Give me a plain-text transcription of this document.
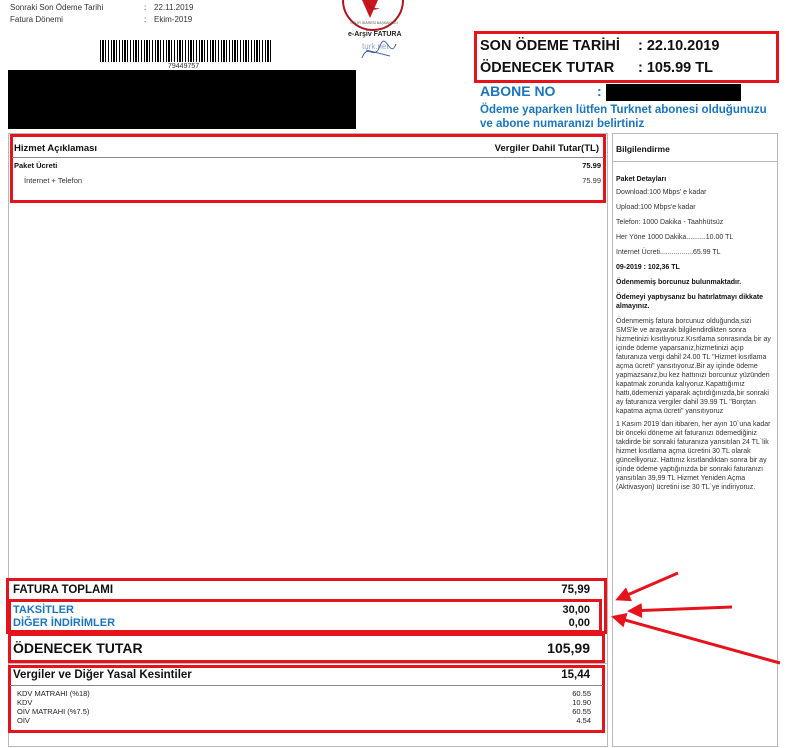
Sonraki Son Ödeme Tarihi	: 22.11.2019
Fatura Dönemi	: Ekim-2019
79449757
GELİR İDARESİ BAŞKANLIĞI
e-Arşiv FATURA
turk.net	SON ÖDEME TARİHİ : 22.10.2019
ÖDENECEK TUTAR : 105.99 TL
ABONE NO	:
Ödeme yaparken lütfen Turknet abonesi olduğunuzu ve abone numaranızı belirtiniz
Hizmet Açıklaması	Vergiler Dahil Tutar(TL)
Paket Ücreti	75.99
İnternet + Telefon	75.99
Bilgilendirme

Paket Detayları

Download:100 Mbps' e kadar

Upload:100 Mbps'e kadar

Telefon: 1000 Dakika - Taahhütsüz

Her Yöne 1000 Dakika..........10.00 TL

Internet Ücreti.................65.99 TL

09-2019 : 102,36 TL

Ödenmemiş borcunuz bulunmaktadır.

Ödemeyi yaptıysanız bu hatırlatmayı dikkate almayınız.

Ödenmemiş fatura borcunuz olduğunda,sizi SMS'le ve arayarak bilgilendirdikten sonra hizmetinizi kısıtlıyoruz.Kısıtlama sonrasında bir ay içinde ödeme yaparsanız,hizmetinizi açıp faturanıza vergi dahil 24.00 TL "Hizmet kısıtlama açma ücreti" yansıtıyoruz.Bir ay içinde ödeme yapmazsanız,bu kez hattınızı borcunuz yüzünden kapatmak zorunda kalıyoruz.Kapattığımız hattı,ödemenizi yaparak açtırdığınızda,bir sonraki ay faturanıza vergiler dahil 39.99 TL "Borçtan kapatma açma ücreti" yansıtıyoruz

1 Kasım 2019`dan itibaren, her ayın 10`una kadar bir önceki döneme ait faturanızı ödemediğiniz takdirde bir sonraki faturanıza yansıtılan 24 TL`lik hizmet kısıtlama açma ücretini 30 TL olarak güncelliyoruz. Hattınız kısıtlandıktan sonra bir ay içinde ödeme yaptığınızda bir sonraki faturanızı yansıtılan 39,99 TL Hizmet Yeniden Açma (Aktivasyon) ücretini ise 30 TL`ye indiriyoruz.

FATURA TOPLAMI	75,99
TAKSİTLER	30,00
DİĞER İNDİRİMLER	0,00
ÖDENECEK TUTAR	105,99
Vergiler ve Diğer Yasal Kesintiler	15,44
KDV MATRAHI (%18)	60.55
KDV	10.90
OİV MATRAHI (%7.5)	60.55
OİV	4.54
